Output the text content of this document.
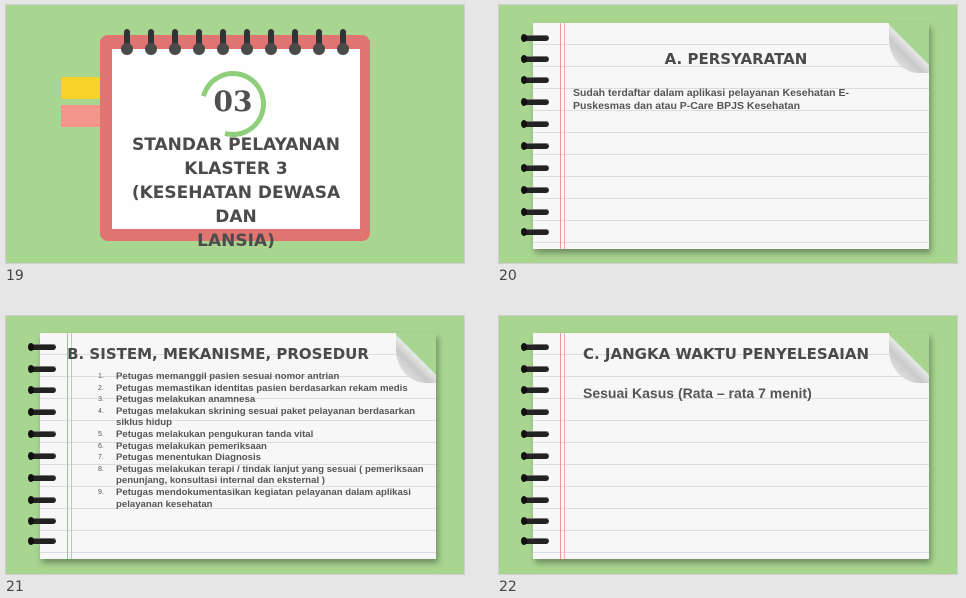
03
STANDAR PELAYANAN
KLASTER 3
(KESEHATAN DEWASA DAN
LANSIA)
19
A. PERSYARATAN
Sudah terdaftar dalam aplikasi pelayanan Kesehatan E-Puskesmas dan atau P-Care BPJS Kesehatan
20
B. SISTEM, MEKANISME, PROSEDUR
Petugas memanggil pasien sesuai nomor antrian
Petugas memastikan identitas pasien berdasarkan rekam medis
Petugas melakukan anamnesa
Petugas melakukan skrining sesuai paket pelayanan berdasarkan siklus hidup
Petugas melakukan pengukuran tanda vital
Petugas melakukan pemeriksaan
Petugas menentukan Diagnosis
Petugas melakukan terapi / tindak lanjut yang sesuai ( pemeriksaan penunjang, konsultasi internal dan eksternal )
Petugas mendokumentasikan kegiatan pelayanan dalam aplikasi pelayanan kesehatan
21
C. JANGKA WAKTU PENYELESAIAN
Sesuai Kasus (Rata – rata 7 menit)
22
